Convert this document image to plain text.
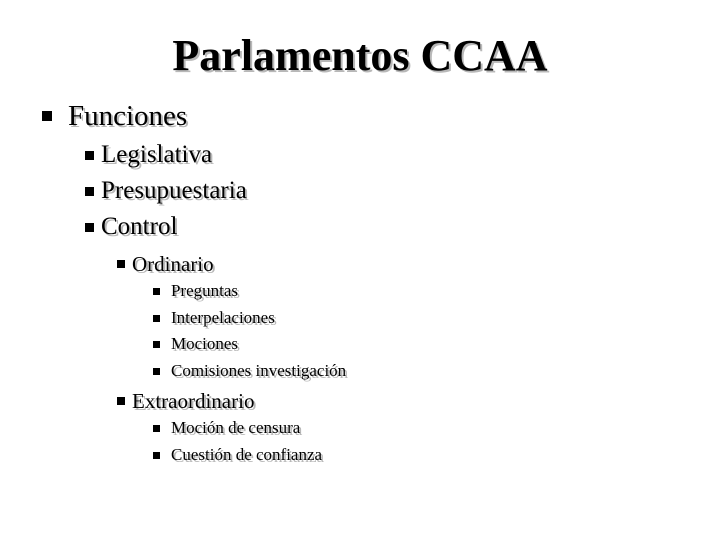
Parlamentos CCAA
Funciones
Legislativa
Presupuestaria
Control
Ordinario
Preguntas
Interpelaciones
Mociones
Comisiones investigación
Extraordinario
Moción de censura
Cuestión de confianza
